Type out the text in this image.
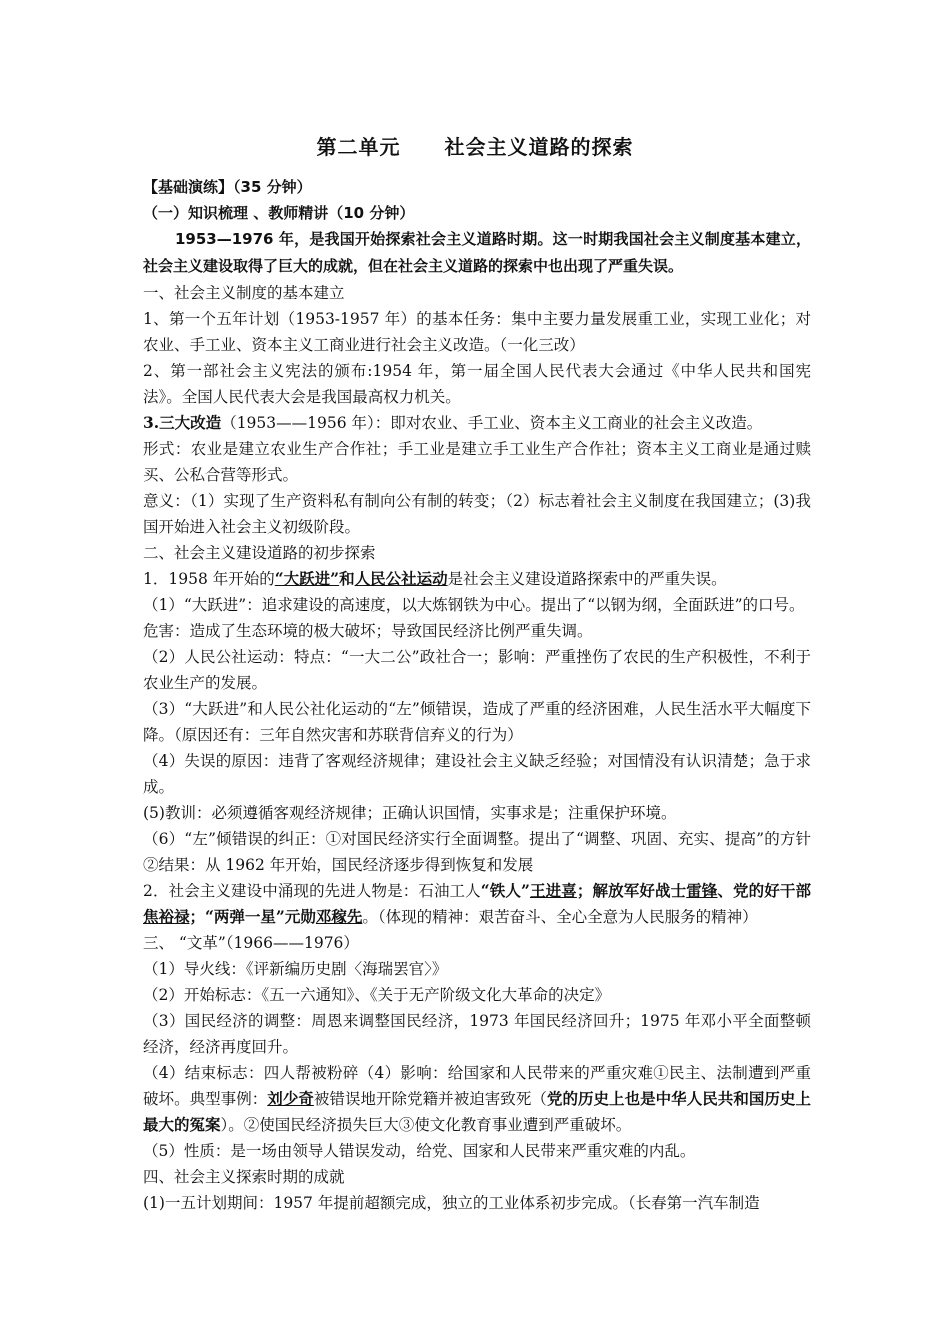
第二单元 社会主义道路的探索

【基础演练】（35 分钟）

（一）知识梳理 、教师精讲（10 分钟）

1953—1976 年，是我国开始探索社会主义道路时期。这一时期我国社会主义制度基本建立，社会主义建设取得了巨大的成就，但在社会主义道路的探索中也出现了严重失误。

一、社会主义制度的基本建立

1、第一个五年计划（1953-1957 年）的基本任务：集中主要力量发展重工业，实现工业化；对农业、手工业、资本主义工商业进行社会主义改造。（一化三改）

2、第一部社会主义宪法的颁布:1954 年，第一届全国人民代表大会通过《中华人民共和国宪法》。全国人民代表大会是我国最高权力机关。

3.三大改造（1953——1956 年）：即对农业、手工业、资本主义工商业的社会主义改造。

形式：农业是建立农业生产合作社；手工业是建立手工业生产合作社；资本主义工商业是通过赎买、公私合营等形式。

意义：（1）实现了生产资料私有制向公有制的转变；（2）标志着社会主义制度在我国建立；(3)我国开始进入社会主义初级阶段。

二、社会主义建设道路的初步探索

1．1958 年开始的“大跃进”和人民公社运动是社会主义建设道路探索中的严重失误。

（1）“大跃进”：追求建设的高速度，以大炼钢铁为中心。提出了“以钢为纲，全面跃进”的口号。

危害：造成了生态环境的极大破坏；导致国民经济比例严重失调。

（2）人民公社运动：特点：“一大二公”政社合一；影响：严重挫伤了农民的生产积极性，不利于农业生产的发展。

（3）“大跃进”和人民公社化运动的“左”倾错误，造成了严重的经济困难，人民生活水平大幅度下降。（原因还有：三年自然灾害和苏联背信弃义的行为）

（4）失误的原因：违背了客观经济规律；建设社会主义缺乏经验；对国情没有认识清楚；急于求成。

(5)教训：必须遵循客观经济规律；正确认识国情，实事求是；注重保护环境。

（6）“左”倾错误的纠正：①对国民经济实行全面调整。提出了“调整、巩固、充实、提高”的方针②结果：从 1962 年开始，国民经济逐步得到恢复和发展

2．社会主义建设中涌现的先进人物是：石油工人“铁人”王进喜；解放军好战士雷锋、党的好干部焦裕禄；“两弹一星”元勋邓稼先。（体现的精神：艰苦奋斗、全心全意为人民服务的精神）

三、 “文革”（1966——1976）

（1）导火线：《评新编历史剧〈海瑞罢官〉》

（2）开始标志：《五一六通知》、《关于无产阶级文化大革命的决定》

（3）国民经济的调整：周恩来调整国民经济，1973 年国民经济回升；1975 年邓小平全面整顿经济，经济再度回升。

（4）结束标志：四人帮被粉碎（4）影响：给国家和人民带来的严重灾难①民主、法制遭到严重破坏。典型事例：刘少奇被错误地开除党籍并被迫害致死（党的历史上也是中华人民共和国历史上最大的冤案）。②使国民经济损失巨大③使文化教育事业遭到严重破坏。

（5）性质：是一场由领导人错误发动，给党、国家和人民带来严重灾难的内乱。

四、社会主义探索时期的成就

(1)一五计划期间：1957 年提前超额完成，独立的工业体系初步完成。（长春第一汽车制造
